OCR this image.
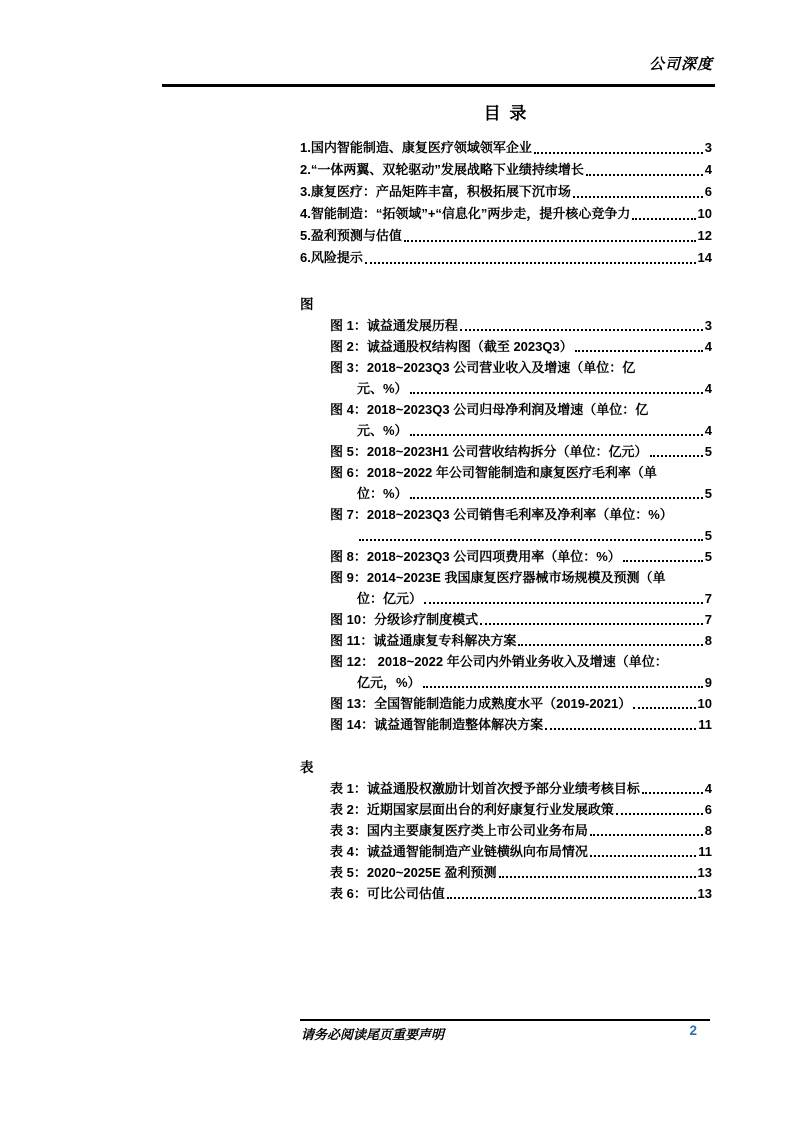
公司深度
目 录
1.国内智能制造、康复医疗领域领军企业	3
2.“一体两翼、双轮驱动”发展战略下业绩持续增长	4
3.康复医疗：产品矩阵丰富，积极拓展下沉市场	6
4.智能制造：“拓领域”+“信息化”两步走，提升核心竞争力	10
5.盈利预测与估值	12
6.风险提示	14

图

图 1：诚益通发展历程	3
图 2：诚益通股权结构图（截至 2023Q3）	4
图 3：2018~2023Q3 公司营业收入及增速（单位：亿
元、%）	4
图 4：2018~2023Q3 公司归母净利润及增速（单位：亿
元、%）	4
图 5：2018~2023H1 公司营收结构拆分（单位：亿元）	5
图 6：2018~2022 年公司智能制造和康复医疗毛利率（单
位：%）	5
图 7：2018~2023Q3 公司销售毛利率及净利率（单位：%）
5
图 8：2018~2023Q3 公司四项费用率（单位：%）	5
图 9：2014~2023E 我国康复医疗器械市场规模及预测（单
位：亿元）	7
图 10：分级诊疗制度模式	7
图 11：诚益通康复专科解决方案	8
图 12： 2018~2022 年公司内外销业务收入及增速（单位：
亿元，%）	9
图 13：全国智能制造能力成熟度水平（2019-2021）	10
图 14：诚益通智能制造整体解决方案	11

表

表 1：诚益通股权激励计划首次授予部分业绩考核目标	4
表 2：近期国家层面出台的利好康复行业发展政策	6
表 3：国内主要康复医疗类上市公司业务布局	8
表 4：诚益通智能制造产业链横纵向布局情况	11
表 5：2020~2025E 盈利预测	13
表 6：可比公司估值	13
请务必阅读尾页重要声明	2
